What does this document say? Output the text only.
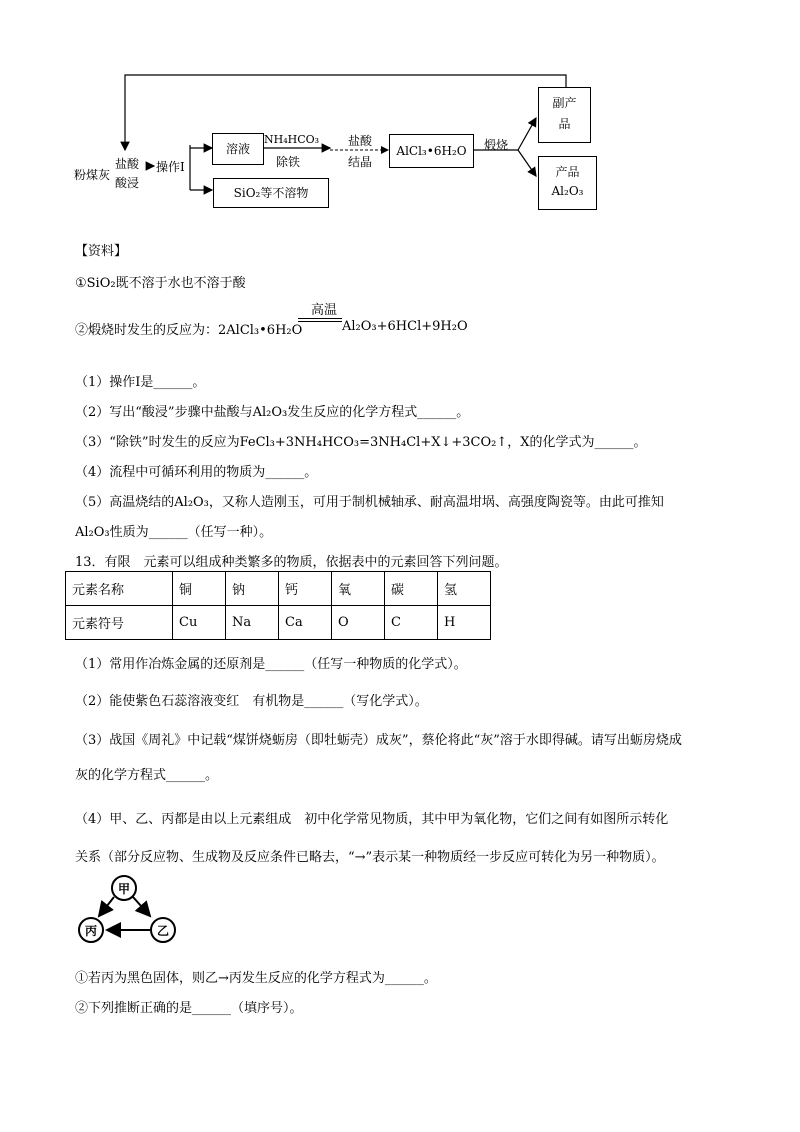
粉煤灰
盐酸
酸浸
操作I
溶液
NH₄HCO₃
除铁
盐酸
结晶
AlCl₃•6H₂O	煅烧
副产
品
产品
Al₂O₃
SiO₂等不溶物
【资料】
①SiO₂既不溶于水也不溶于酸
②煅烧时发生的反应为：2AlCl₃•6H₂O
高温
Al₂O₃+6HCl+9H₂O
（1）操作Ⅰ是______。
（2）写出“酸浸”步骤中盐酸与Al₂O₃发生反应的化学方程式______。
（3）“除铁”时发生的反应为FeCl₃+3NH₄HCO₃=3NH₄Cl+X↓+3CO₂↑，X的化学式为______。
（4）流程中可循环利用的物质为______。
（5）高温烧结的Al₂O₃，又称人造刚玉，可用于制机械轴承、耐高温坩埚、高强度陶瓷等。由此可推知
Al₂O₃性质为______（任写一种）。
13．有限　元素可以组成种类繁多的物质，依据表中的元素回答下列问题。
元素名称	铜	钠	钙	氧	碳	氢
元素符号	Cu	Na	Ca	O	C	H
（1）常用作冶炼金属的还原剂是______（任写一种物质的化学式）。
（2）能使紫色石蕊溶液变红　有机物是______（写化学式）。
（3）战国《周礼》中记载“煤饼烧蛎房（即牡蛎壳）成灰”，蔡伦将此“灰”溶于水即得碱。请写出蛎房烧成
灰的化学方程式______。
（4）甲、乙、丙都是由以上元素组成　初中化学常见物质，其中甲为氧化物，它们之间有如图所示转化
关系（部分反应物、生成物及反应条件已略去，“→”表示某一种物质经一步反应可转化为另一种物质）。
甲
丙	乙
①若丙为黑色固体，则乙→丙发生反应的化学方程式为______。
②下列推断正确的是______（填序号）。
